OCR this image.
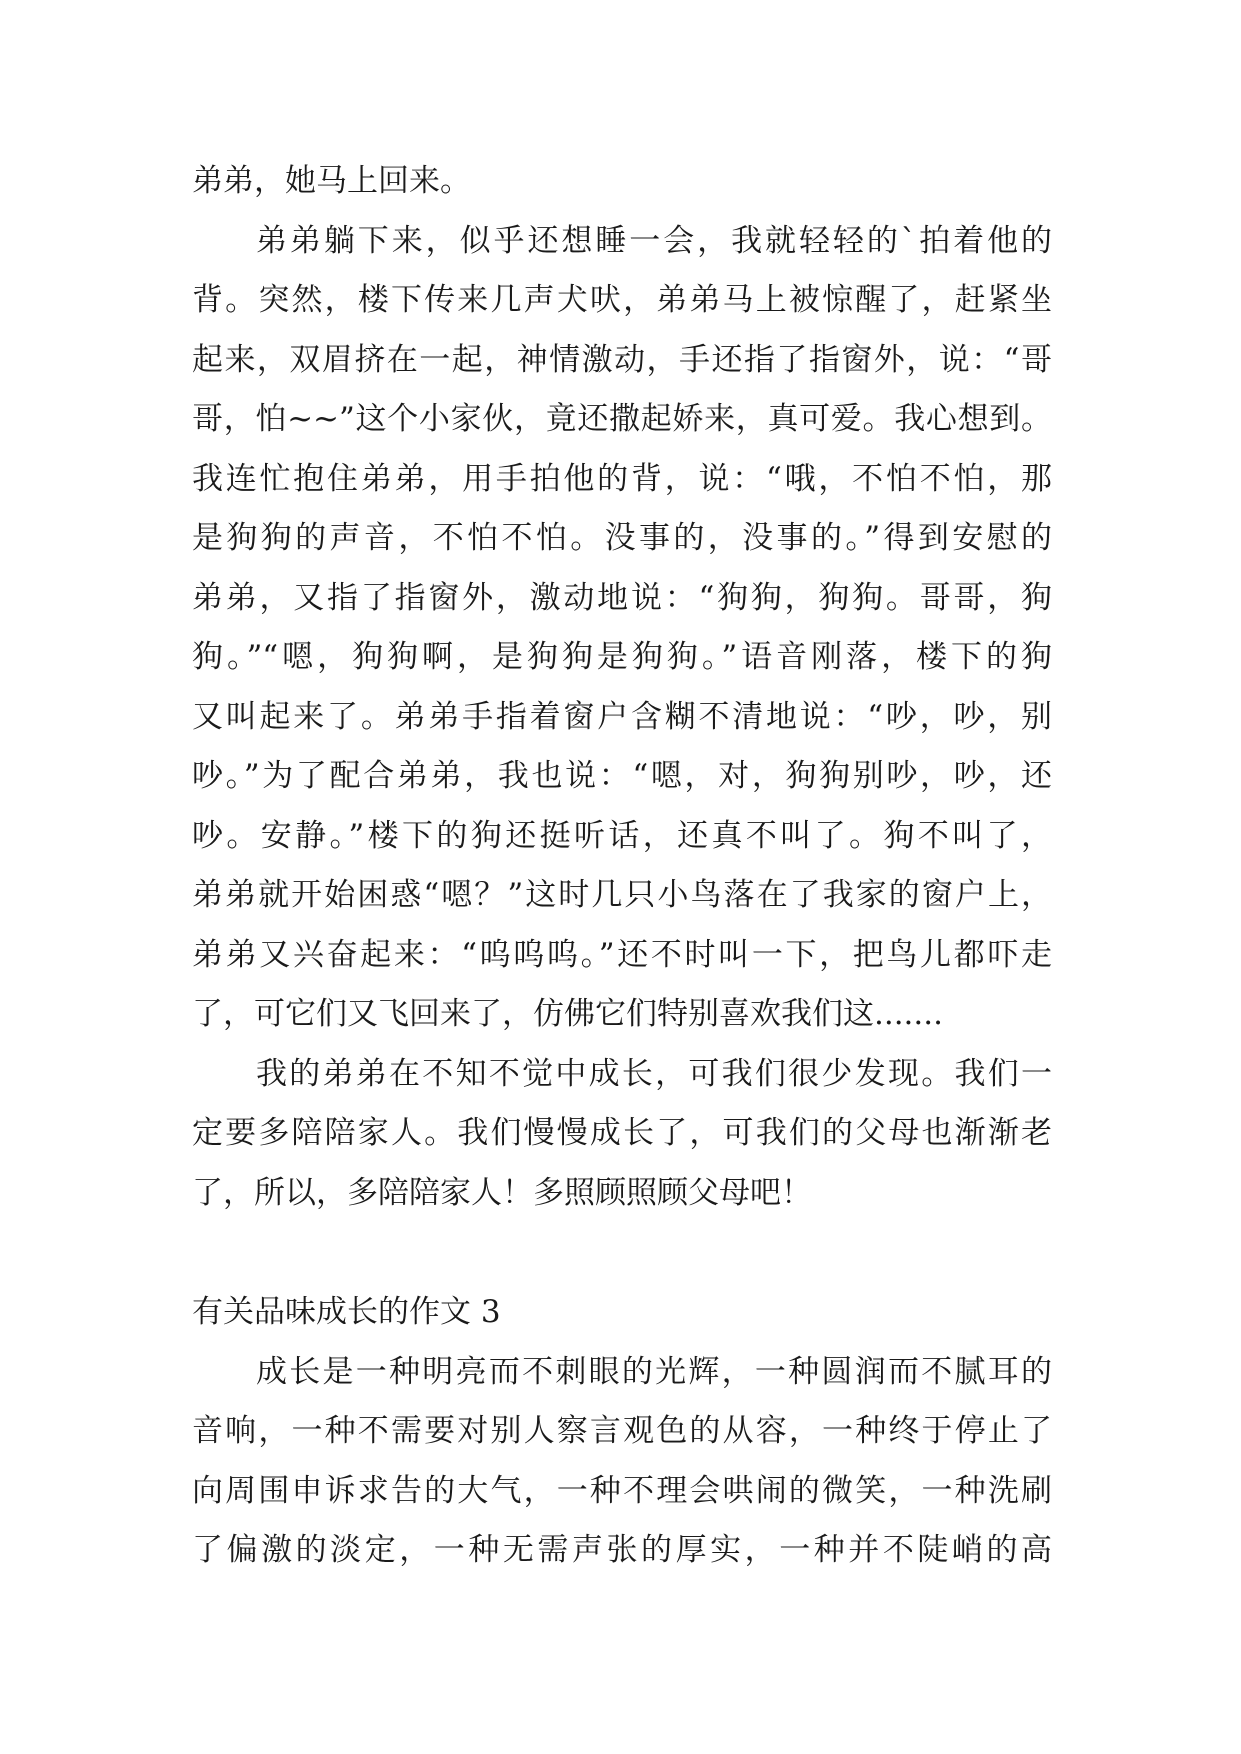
弟弟，她马上回来。
弟弟躺下来，似乎还想睡一会，我就轻轻的`拍着他的
背。突然，楼下传来几声犬吠，弟弟马上被惊醒了，赶紧坐
起来，双眉挤在一起，神情激动，手还指了指窗外，说：“哥
哥，怕~~”这个小家伙，竟还撒起娇来，真可爱。我心想到。
我连忙抱住弟弟，用手拍他的背，说：“哦，不怕不怕，那
是狗狗的声音，不怕不怕。没事的，没事的。”得到安慰的
弟弟，又指了指窗外，激动地说：“狗狗，狗狗。哥哥，狗
狗。”“嗯，狗狗啊，是狗狗是狗狗。”语音刚落，楼下的狗
又叫起来了。弟弟手指着窗户含糊不清地说：“吵，吵，别
吵。”为了配合弟弟，我也说：“嗯，对，狗狗别吵，吵，还
吵。安静。”楼下的狗还挺听话，还真不叫了。狗不叫了，
弟弟就开始困惑“嗯？”这时几只小鸟落在了我家的窗户上，
弟弟又兴奋起来：“呜呜呜。”还不时叫一下，把鸟儿都吓走
了，可它们又飞回来了，仿佛它们特别喜欢我们这.......
我的弟弟在不知不觉中成长，可我们很少发现。我们一
定要多陪陪家人。我们慢慢成长了，可我们的父母也渐渐老
了，所以，多陪陪家人！多照顾照顾父母吧！
有关品味成长的作文 3
成长是一种明亮而不刺眼的光辉，一种圆润而不腻耳的
音响，一种不需要对别人察言观色的从容，一种终于停止了
向周围申诉求告的大气，一种不理会哄闹的微笑，一种洗刷
了偏激的淡定，一种无需声张的厚实，一种并不陡峭的高
